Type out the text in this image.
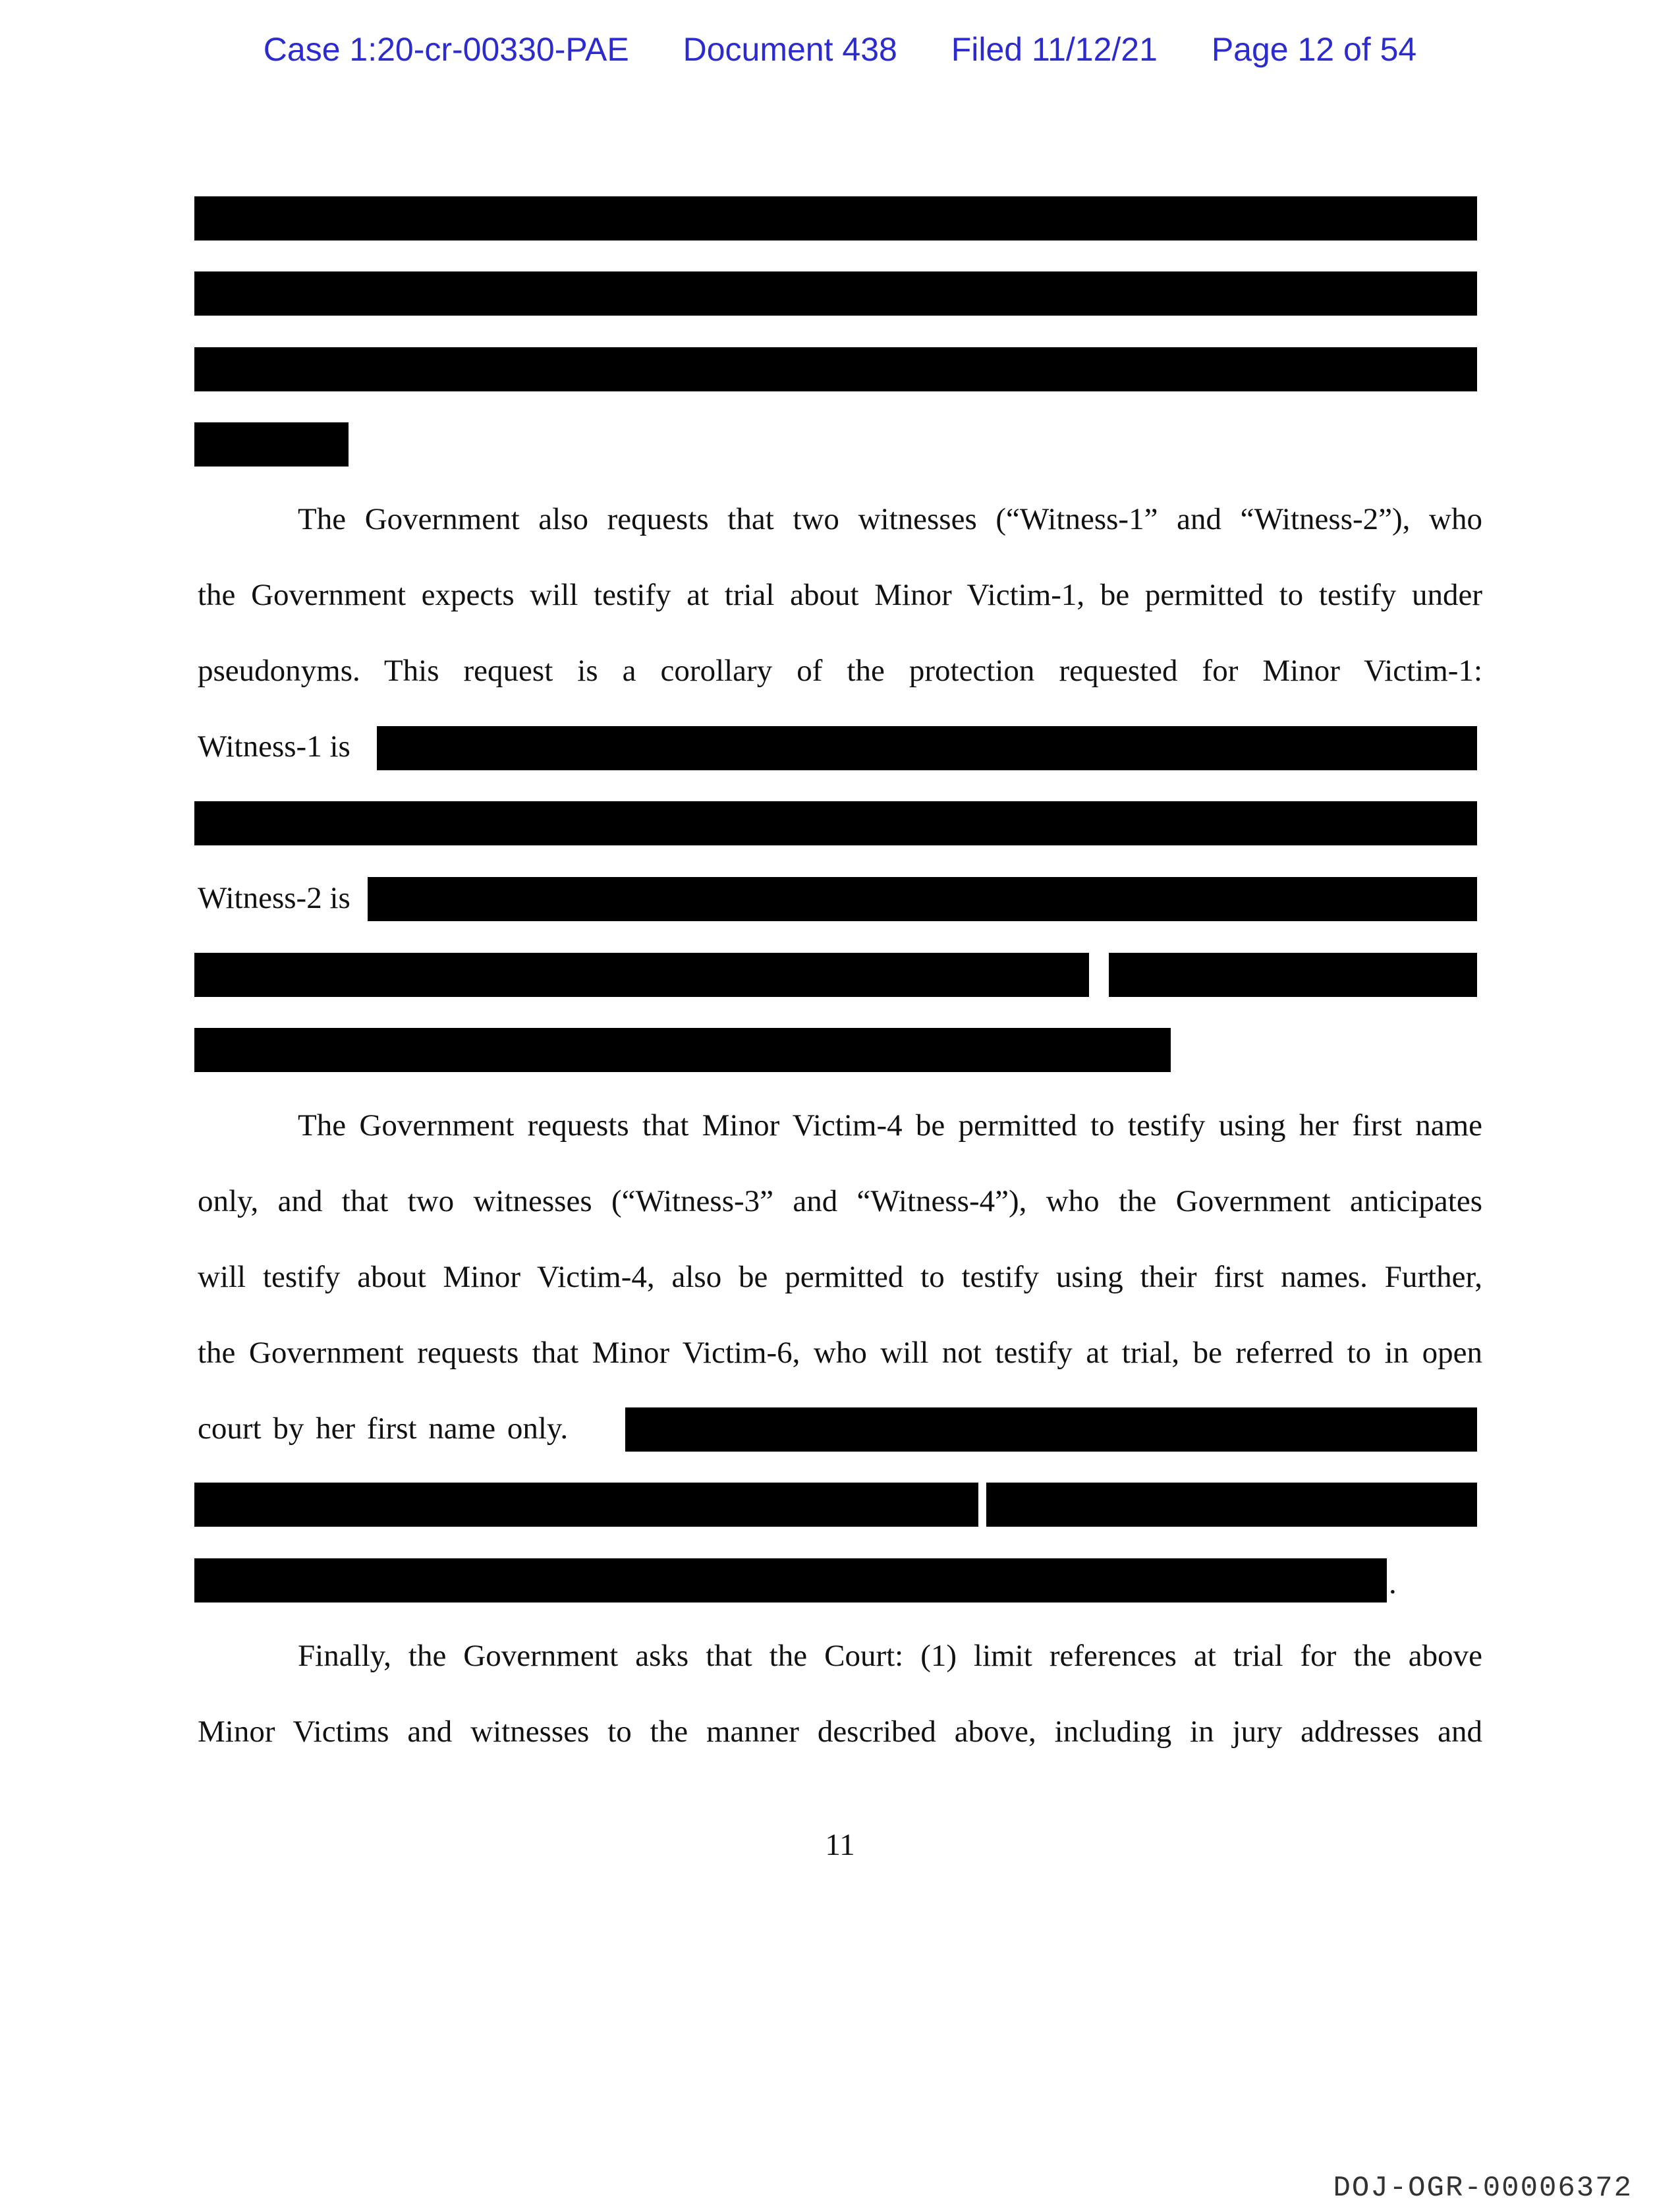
Case 1:20-cr-00330-PAE Document 438 Filed 11/12/21 Page 12 of 54
The Government also requests that two witnesses (“Witness-1” and “Witness-2”), who
the Government expects will testify at trial about Minor Victim-1, be permitted to testify under
pseudonyms. This request is a corollary of the protection requested for Minor Victim-1:
Witness-1 is
Witness-2 is
The Government requests that Minor Victim-4 be permitted to testify using her first name
only, and that two witnesses (“Witness-3” and “Witness-4”), who the Government anticipates
will testify about Minor Victim-4, also be permitted to testify using their first names. Further,
the Government requests that Minor Victim-6, who will not testify at trial, be referred to in open
court by her first name only.
.
Finally, the Government asks that the Court: (1) limit references at trial for the above
Minor Victims and witnesses to the manner described above, including in jury addresses and
11
DOJ-OGR-00006372
